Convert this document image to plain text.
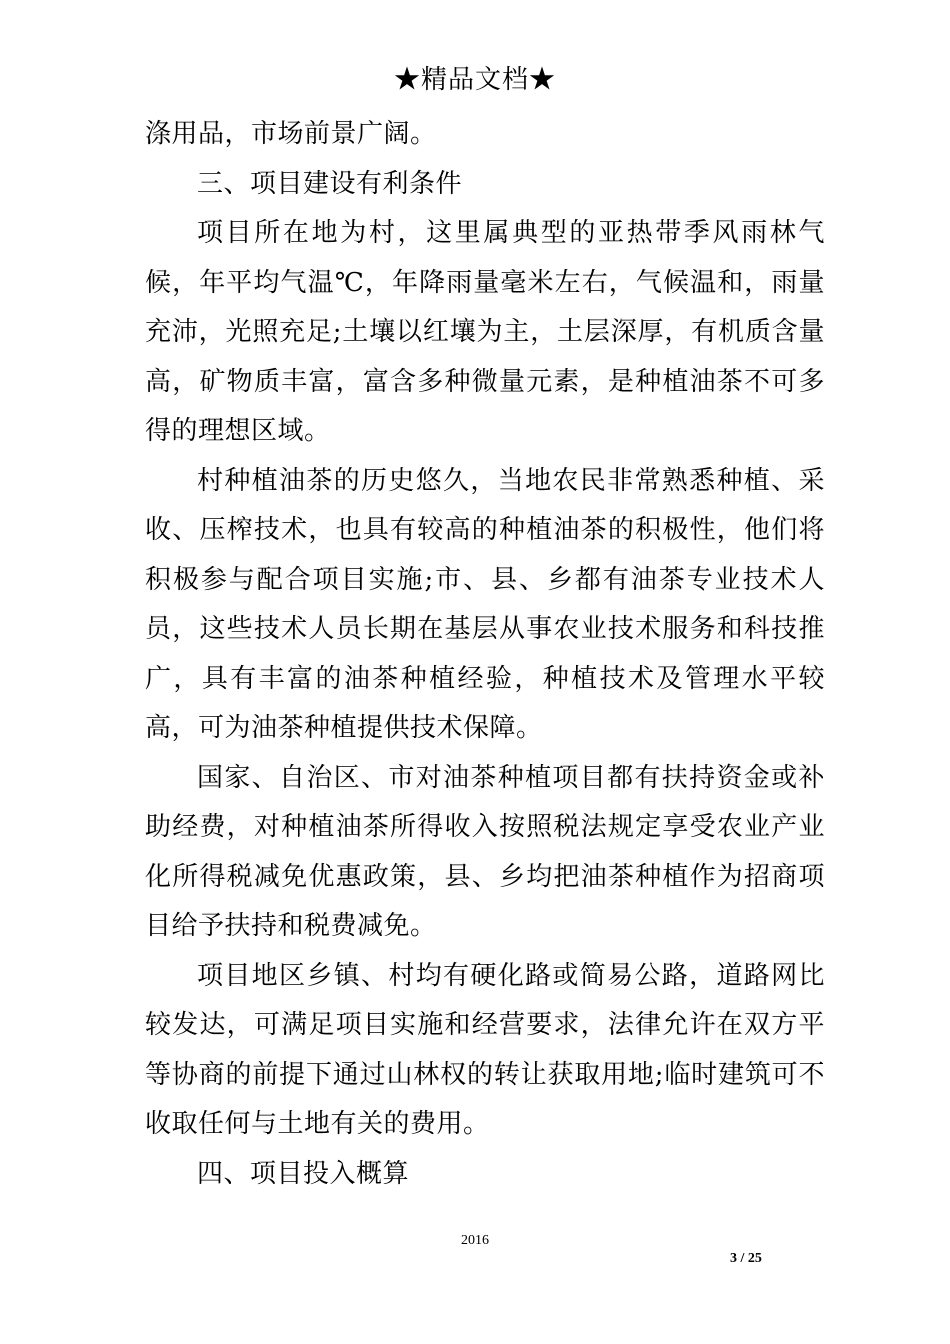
★精品文档★

涤用品，市场前景广阔。

三、项目建设有利条件

项目所在地为村，这里属典型的亚热带季风雨林气候，年平均气温℃，年降雨量毫米左右，气候温和，雨量充沛，光照充足;土壤以红壤为主，土层深厚，有机质含量高，矿物质丰富，富含多种微量元素，是种植油茶不可多得的理想区域。

村种植油茶的历史悠久，当地农民非常熟悉种植、采收、压榨技术，也具有较高的种植油茶的积极性，他们将积极参与配合项目实施;市、县、乡都有油茶专业技术人员，这些技术人员长期在基层从事农业技术服务和科技推广，具有丰富的油茶种植经验，种植技术及管理水平较高，可为油茶种植提供技术保障。

国家、自治区、市对油茶种植项目都有扶持资金或补助经费，对种植油茶所得收入按照税法规定享受农业产业化所得税减免优惠政策，县、乡均把油茶种植作为招商项目给予扶持和税费减免。

项目地区乡镇、村均有硬化路或简易公路，道路网比较发达，可满足项目实施和经营要求，法律允许在双方平等协商的前提下通过山林权的转让获取用地;临时建筑可不收取任何与土地有关的费用。

四、项目投入概算

2016
3 / 25
